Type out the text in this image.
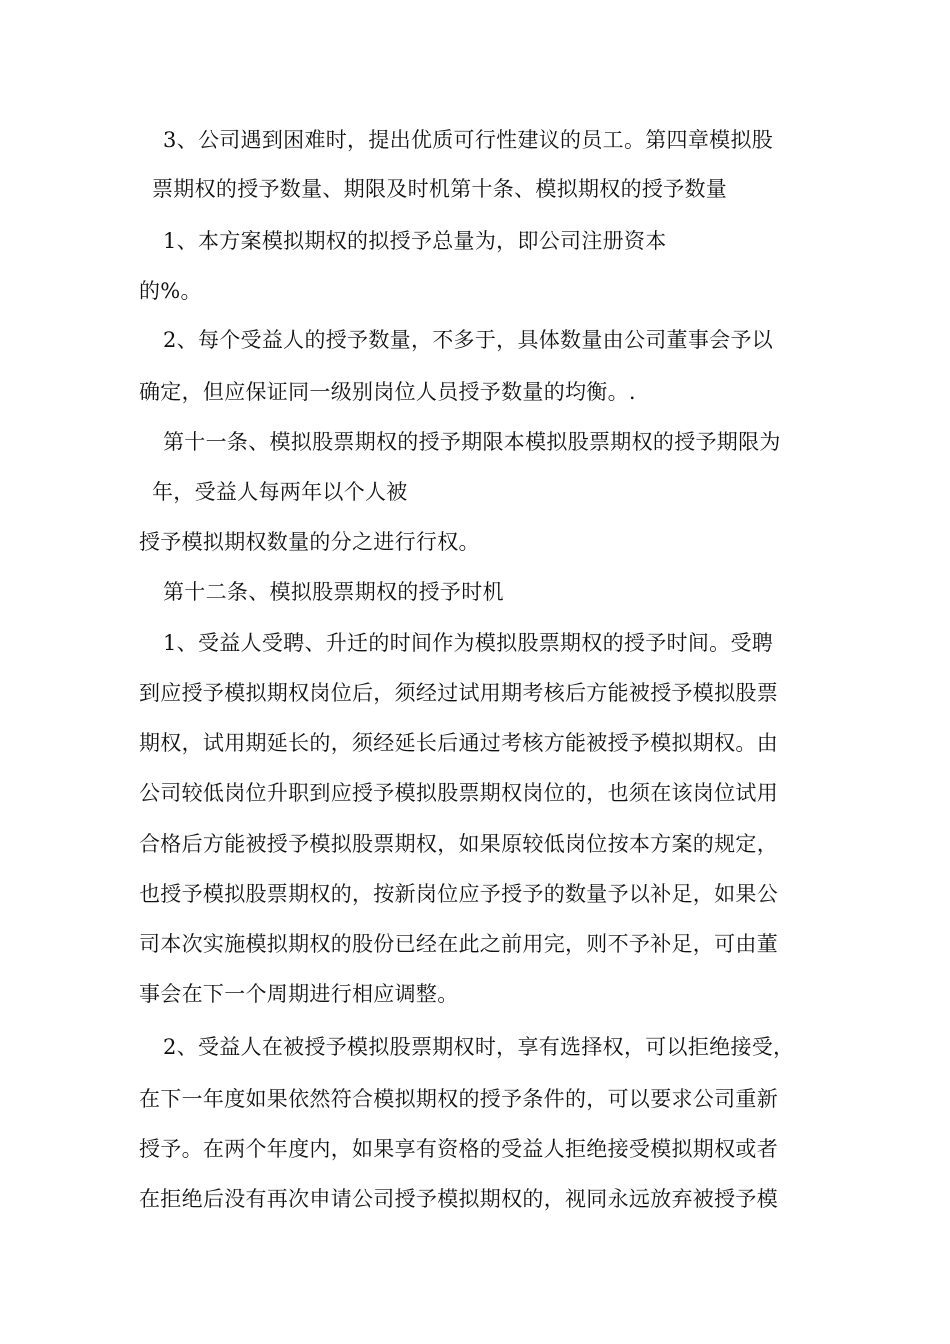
3、公司遇到困难时，提出优质可行性建议的员工。第四章模拟股
票期权的授予数量、期限及时机第十条、模拟期权的授予数量
1、本方案模拟期权的拟授予总量为，即公司注册资本
的%。
2、每个受益人的授予数量，不多于，具体数量由公司董事会予以
确定，但应保证同一级别岗位人员授予数量的均衡。.
第十一条、模拟股票期权的授予期限本模拟股票期权的授予期限为
年，受益人每两年以个人被
授予模拟期权数量的分之进行行权。
第十二条、模拟股票期权的授予时机
1、受益人受聘、升迁的时间作为模拟股票期权的授予时间。受聘
到应授予模拟期权岗位后，须经过试用期考核后方能被授予模拟股票
期权，试用期延长的，须经延长后通过考核方能被授予模拟期权。由
公司较低岗位升职到应授予模拟股票期权岗位的，也须在该岗位试用
合格后方能被授予模拟股票期权，如果原较低岗位按本方案的规定，
也授予模拟股票期权的，按新岗位应予授予的数量予以补足，如果公
司本次实施模拟期权的股份已经在此之前用完，则不予补足，可由董
事会在下一个周期进行相应调整。
2、受益人在被授予模拟股票期权时，享有选择权，可以拒绝接受，
在下一年度如果依然符合模拟期权的授予条件的，可以要求公司重新
授予。在两个年度内，如果享有资格的受益人拒绝接受模拟期权或者
在拒绝后没有再次申请公司授予模拟期权的，视同永远放弃被授予模
